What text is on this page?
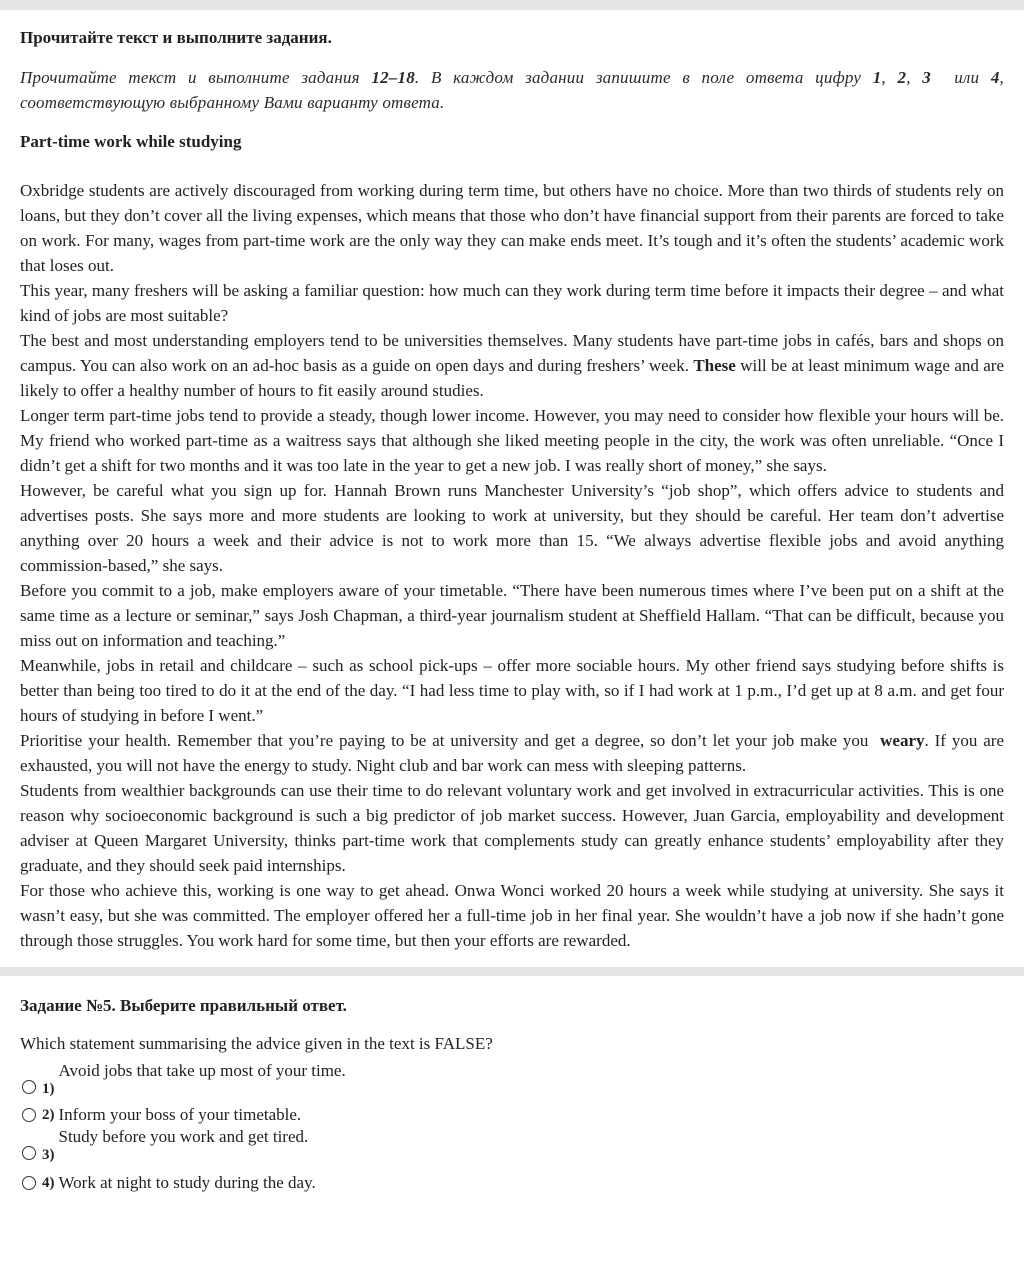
Прочитайте текст и выполните задания.

Прочитайте текст и выполните задания 12–18. В каждом задании запишите в поле ответа цифру 1, 2, 3  или 4, соответствующую выбранному Вами варианту ответа.

Part-time work while studying

Oxbridge students are actively discouraged from working during term time, but others have no choice. More than two thirds of students rely on loans, but they don’t cover all the living expenses, which means that those who don’t have financial support from their parents are forced to take on work. For many, wages from part-time work are the only way they can make ends meet. It’s tough and it’s often the students’ academic work that loses out.

This year, many freshers will be asking a familiar question: how much can they work during term time before it impacts their degree – and what kind of jobs are most suitable?

The best and most understanding employers tend to be universities themselves. Many students have part-time jobs in cafés, bars and shops on campus. You can also work on an ad-hoc basis as a guide on open days and during freshers’ week. These will be at least minimum wage and are likely to offer a healthy number of hours to fit easily around studies.

Longer term part-time jobs tend to provide a steady, though lower income. However, you may need to consider how flexible your hours will be. My friend who worked part-time as a waitress says that although she liked meeting people in the city, the work was often unreliable. “Once I didn’t get a shift for two months and it was too late in the year to get a new job. I was really short of money,” she says.

However, be careful what you sign up for. Hannah Brown runs Manchester University’s “job shop”, which offers advice to students and advertises posts. She says more and more students are looking to work at university, but they should be careful. Her team don’t advertise anything over 20 hours a week and their advice is not to work more than 15. “We always advertise flexible jobs and avoid anything commission-based,” she says.

Before you commit to a job, make employers aware of your timetable. “There have been numerous times where I’ve been put on a shift at the same time as a lecture or seminar,” says Josh Chapman, a third-year journalism student at Sheffield Hallam. “That can be difficult, because you miss out on information and teaching.”

Meanwhile, jobs in retail and childcare – such as school pick-ups – offer more sociable hours. My other friend says studying before shifts is better than being too tired to do it at the end of the day. “I had less time to play with, so if I had work at 1 p.m., I’d get up at 8 a.m. and get four hours of studying in before I went.”

Prioritise your health. Remember that you’re paying to be at university and get a degree, so don’t let your job make you  weary. If you are exhausted, you will not have the energy to study. Night club and bar work can mess with sleeping patterns.

Students from wealthier backgrounds can use their time to do relevant voluntary work and get involved in extracurricular activities. This is one reason why socioeconomic background is such a big predictor of job market success. However, Juan Garcia, employability and development adviser at Queen Margaret University, thinks part-time work that complements study can greatly enhance students’ employability after they graduate, and they should seek paid internships.

For those who achieve this, working is one way to get ahead. Onwa Wonci worked 20 hours a week while studying at university. She says it wasn’t easy, but she was committed. The employer offered her a full-time job in her final year. She wouldn’t have a job now if she hadn’t gone through those struggles. You work hard for some time, but then your efforts are rewarded.

Задание №5. Выберите правильный ответ.

Which statement summarising the advice given in the text is FALSE?

1)
Avoid jobs that take up most of your time.
2) Inform your boss of your timetable.
3)
Study before you work and get tired.
4) Work at night to study during the day.
